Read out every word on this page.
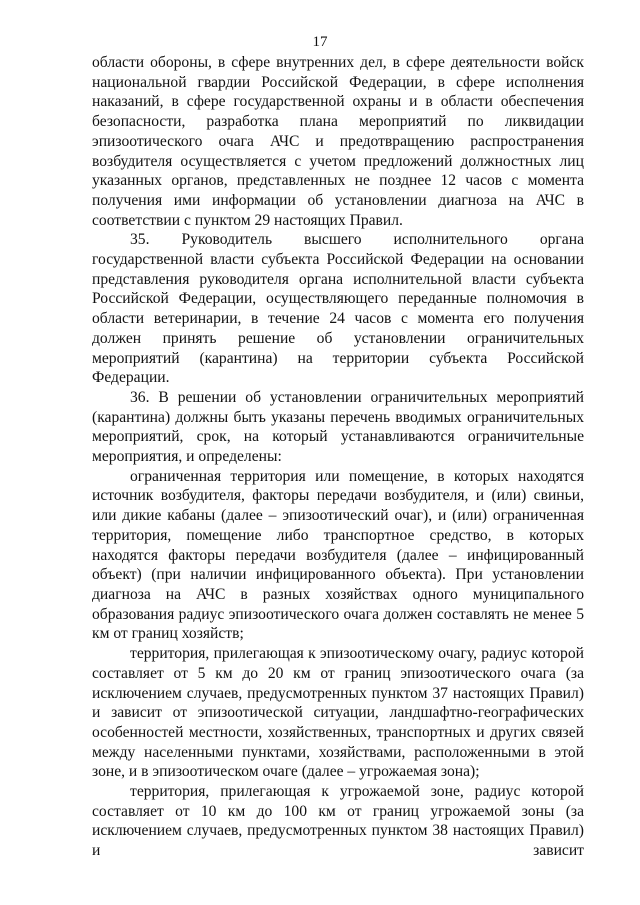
17

области обороны, в сфере внутренних дел, в сфере деятельности войск национальной гвардии Российской Федерации, в сфере исполнения наказаний, в сфере государственной охраны и в области обеспечения безопасности, разработка плана мероприятий по ликвидации эпизоотического очага АЧС и предотвращению распространения возбудителя осуществляется с учетом предложений должностных лиц указанных органов, представленных не позднее 12 часов с момента получения ими информации об установлении диагноза на АЧС в соответствии с пунктом 29 настоящих Правил.

35. Руководитель высшего исполнительного органа государственной власти субъекта Российской Федерации на основании представления руководителя органа исполнительной власти субъекта Российской Федерации, осуществляющего переданные полномочия в области ветеринарии, в течение 24 часов с момента его получения должен принять решение об установлении ограничительных мероприятий (карантина) на территории субъекта Российской Федерации.

36. В решении об установлении ограничительных мероприятий (карантина) должны быть указаны перечень вводимых ограничительных мероприятий, срок, на который устанавливаются ограничительные мероприятия, и определены:

ограниченная территория или помещение, в которых находятся источник возбудителя, факторы передачи возбудителя, и (или) свиньи, или дикие кабаны (далее – эпизоотический очаг), и (или) ограниченная территория, помещение либо транспортное средство, в которых находятся факторы передачи возбудителя (далее – инфицированный объект) (при наличии инфицированного объекта). При установлении диагноза на АЧС в разных хозяйствах одного муниципального образования радиус эпизоотического очага должен составлять не менее 5 км от границ хозяйств;

территория, прилегающая к эпизоотическому очагу, радиус которой составляет от 5 км до 20 км от границ эпизоотического очага (за исключением случаев, предусмотренных пунктом 37 настоящих Правил) и зависит от эпизоотической ситуации, ландшафтно-географических особенностей местности, хозяйственных, транспортных и других связей между населенными пунктами, хозяйствами, расположенными в этой зоне, и в эпизоотическом очаге (далее – угрожаемая зона);

территория, прилегающая к угрожаемой зоне, радиус которой составляет от 10 км до 100 км от границ угрожаемой зоны (за исключением случаев, предусмотренных пунктом 38 настоящих Правил) и зависит
